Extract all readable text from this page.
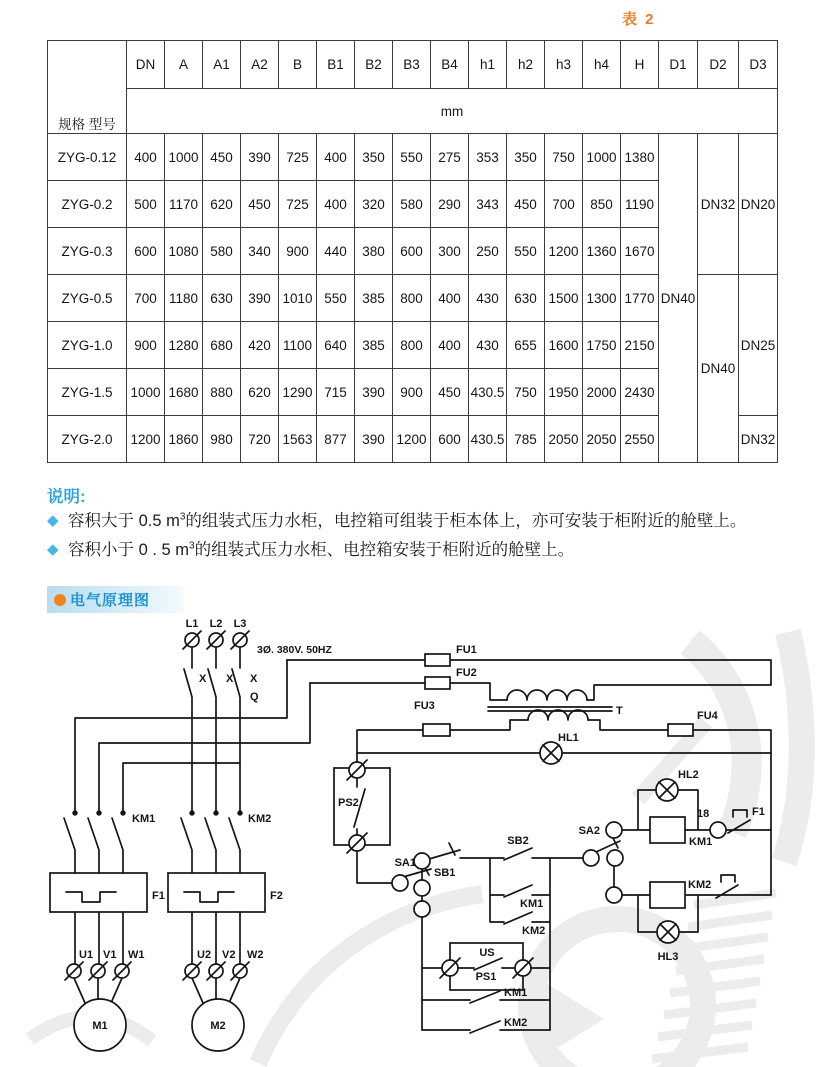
表 2
规格 型号	DN	A	A1	A2	B	B1	B2	B3	B4	h1	h2	h3	h4	H	D1	D2	D3
	mm																
ZYG-0.12	400	1000	450	390	725	400	350	550	275	353	350	750	1000	1380	DN40	DN32	DN20
ZYG-0.2	500	1170	620	450	725	400	320	580	290	343	450	700	850	1190			
ZYG-0.3	600	1080	580	340	900	440	380	600	300	250	550	1200	1360	1670			
ZYG-0.5	700	1180	630	390	1010	550	385	800	400	430	630	1500	1300	1770		DN40	DN25
ZYG-1.0	900	1280	680	420	1100	640	385	800	400	430	655	1600	1750	2150			
ZYG-1.5	1000	1680	880	620	1290	715	390	900	450	430.5	750	1950	2000	2430			
ZYG-2.0	1200	1860	980	720	1563	877	390	1200	600	430.5	785	2050	2050	2550			DN32
说明:
◆ 容积大于 0.5 $m^3$的组装式压力水柜，电控箱可组装于柜本体上，亦可安装于柜附近的舱壁上。
◆ 容积小于 0 . 5 $m^3$的组装式压力水柜、电控箱安装于柜附近的舱壁上。
电气原理图
L1 L2 L3
3Ø. 380V. 50HZ
X X X
Q
KM1	KM2
F1	F2
U1 V1 W1	U2 V2 W2
M1	M2
FU1
FU2
FU3
FU4
T
HL1
HL2
HL3
PS2
SA1
SB1
SB2
KM1
KM2
SA2
18	F1
KM1
KM2
US
PS1
KM1
KM2
